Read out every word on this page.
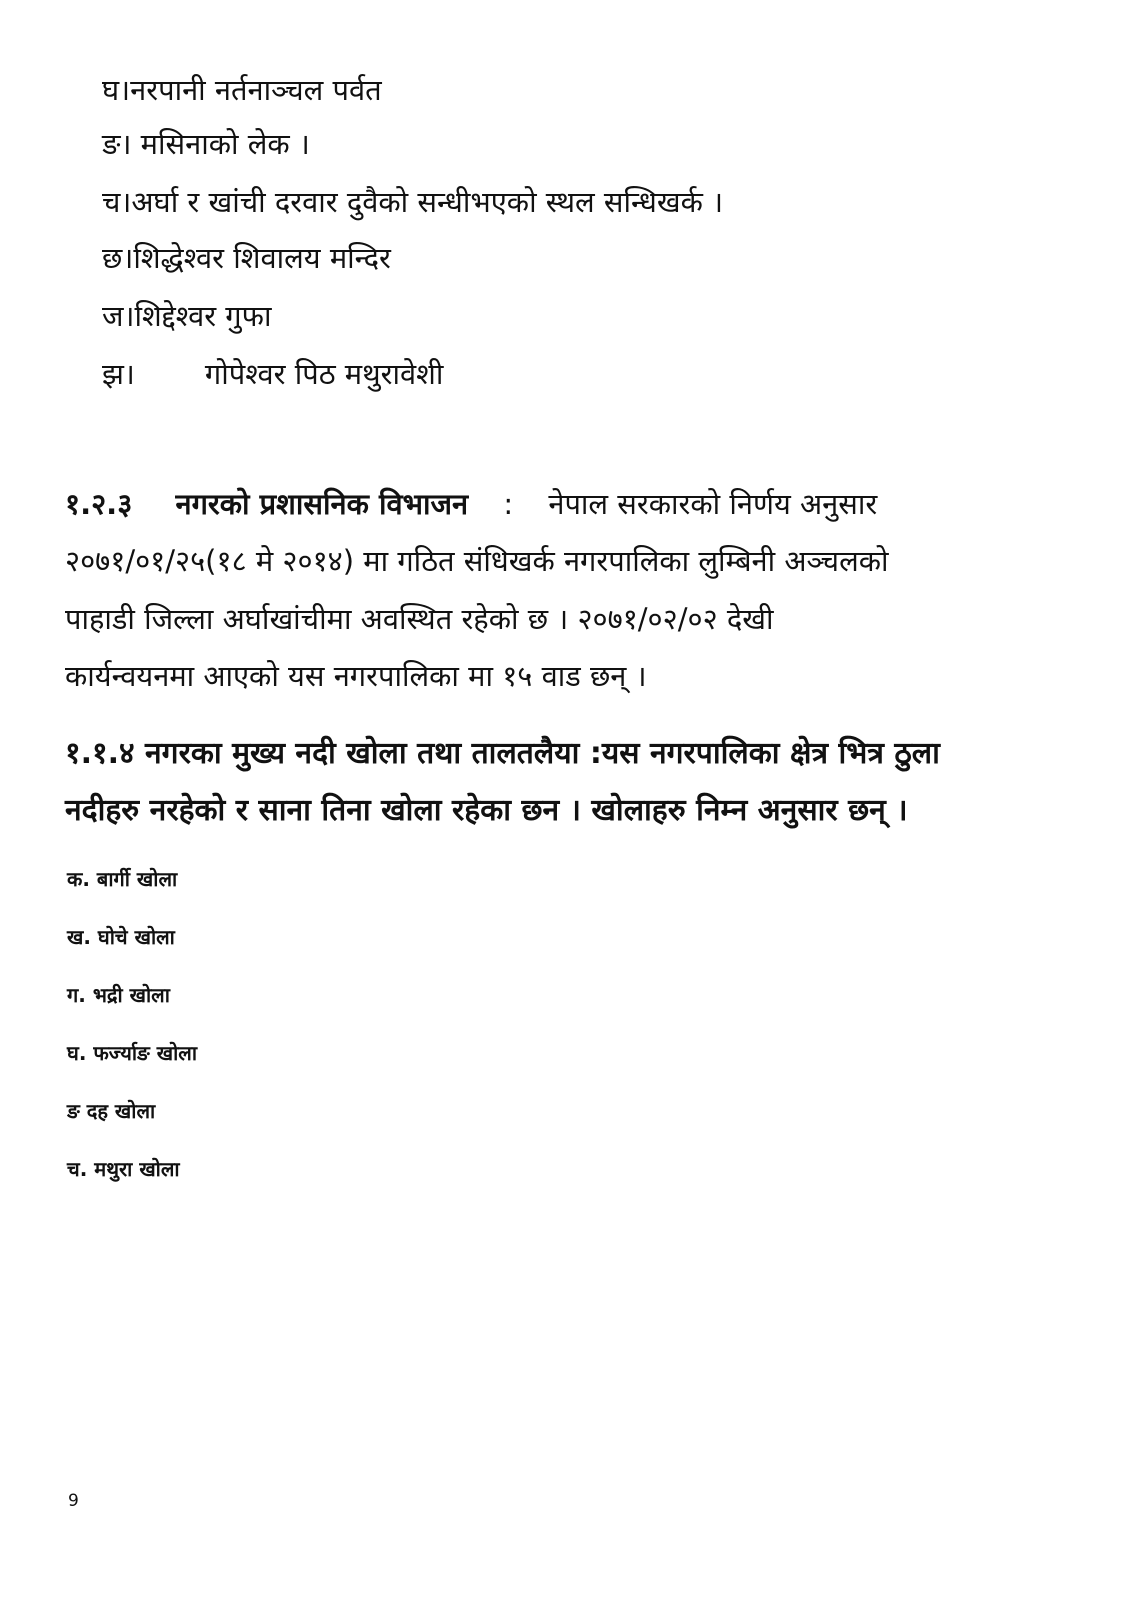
घ।नरपानी नर्तनाञ्चल पर्वत
ङ। मसिनाको लेक ।
च।अर्घा र खांची दरवार दुवैको सन्धीभएको स्थल सन्धिखर्क ।
छ।शिद्धेश्वर शिवालय मन्दिर
ज।शिद्देश्वर गुफा
झ। गोपेश्वर पिठ मथुरावेशी
१.२.३ नगरको प्रशासनिक विभाजन : नेपाल सरकारको निर्णय अनुसार
२०७१/०१/२५(१८ मे २०१४) मा गठित संधिखर्क नगरपालिका लुम्बिनी अञ्चलको
पाहाडी जिल्ला अर्घाखांचीमा अवस्थित रहेको छ । २०७१/०२/०२ देखी
कार्यन्वयनमा आएको यस नगरपालिका मा १५ वाड छन् ।
१.१.४ नगरका मुख्य नदी खोला तथा तालतलैया :यस नगरपालिका क्षेत्र भित्र ठुला
नदीहरु नरहेको र साना तिना खोला रहेका छन । खोलाहरु निम्न अनुसार छन् ।
क. बार्गी खोला
ख. घोचे खोला
ग. भद्री खोला
घ. फर्ज्याङ खोला
ङ दह खोला
च. मथुरा खोला
9
